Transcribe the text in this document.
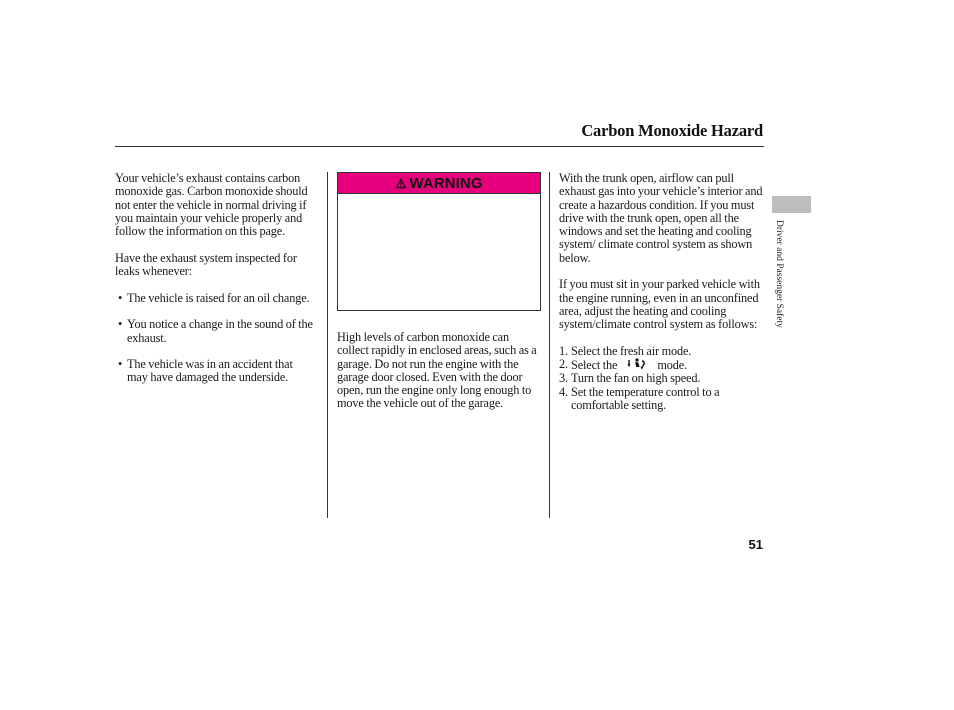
Carbon Monoxide Hazard

Your vehicle’s exhaust contains carbon monoxide gas. Carbon monoxide should not enter the vehicle in normal driving if you maintain your vehicle properly and follow the information on this page.

Have the exhaust system inspected for leaks whenever:

• The vehicle is raised for an oil change.
• You notice a change in the sound of the exhaust.
• The vehicle was in an accident that may have damaged the underside.
WARNING

High levels of carbon monoxide can collect rapidly in enclosed areas, such as a garage. Do not run the engine with the garage door closed. Even with the door open, run the engine only long enough to move the vehicle out of the garage.

With the trunk open, airflow can pull exhaust gas into your vehicle’s interior and create a hazardous condition. If you must drive with the trunk open, open all the windows and set the heating and cooling system/ climate control system as shown below.

If you must sit in your parked vehicle with the engine running, even in an unconfined area, adjust the heating and cooling system/climate control system as follows:

1. Select the fresh air mode.
2. Select the	mode.
3. Turn the fan on high speed.
4. Set the temperature control to a comfortable setting.
Driver and Passenger Safety
51
